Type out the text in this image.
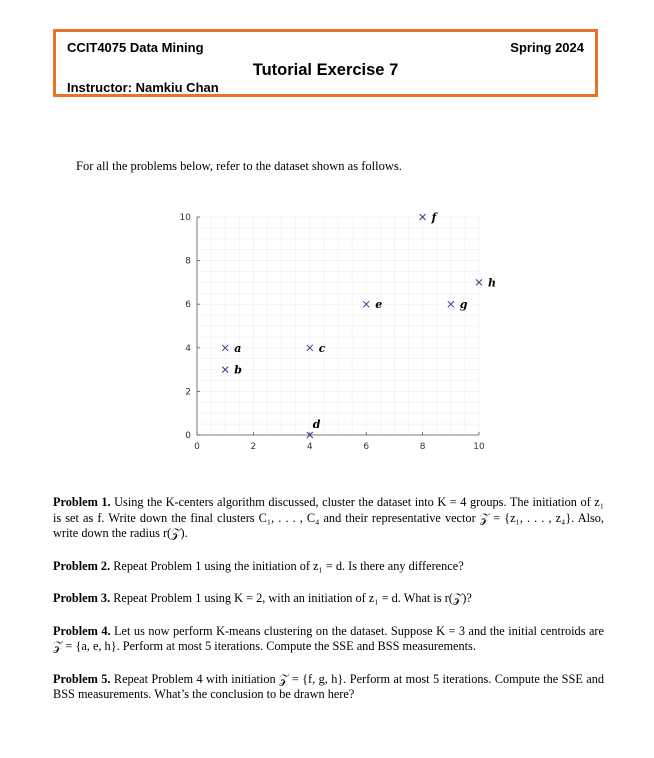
CCIT4075 Data Mining	Spring 2024
Tutorial Exercise 7
Instructor: Namkiu Chan
For all the problems below, refer to the dataset shown as follows.
0	2	4	6	8	10
0
2
4
6
8
10
a
b
c
d
e
f
g
h

Problem 1. Using the K-centers algorithm discussed, cluster the dataset into K = 4 groups. The initiation of z₁ is set as f. Write down the final clusters C₁, . . . , C₄ and their representative vector 𝒵 = {z₁, . . . , z₄}. Also, write down the radius r(𝒵).

Problem 2. Repeat Problem 1 using the initiation of z₁ = d. Is there any difference?

Problem 3. Repeat Problem 1 using K = 2, with an initiation of z₁ = d. What is r(𝒵)?

Problem 4. Let us now perform K-means clustering on the dataset. Suppose K = 3 and the initial centroids are 𝒵 = {a, e, h}. Perform at most 5 iterations. Compute the SSE and BSS measurements.

Problem 5. Repeat Problem 4 with initiation 𝒵 = {f, g, h}. Perform at most 5 iterations. Compute the SSE and BSS measurements. What’s the conclusion to be drawn here?
